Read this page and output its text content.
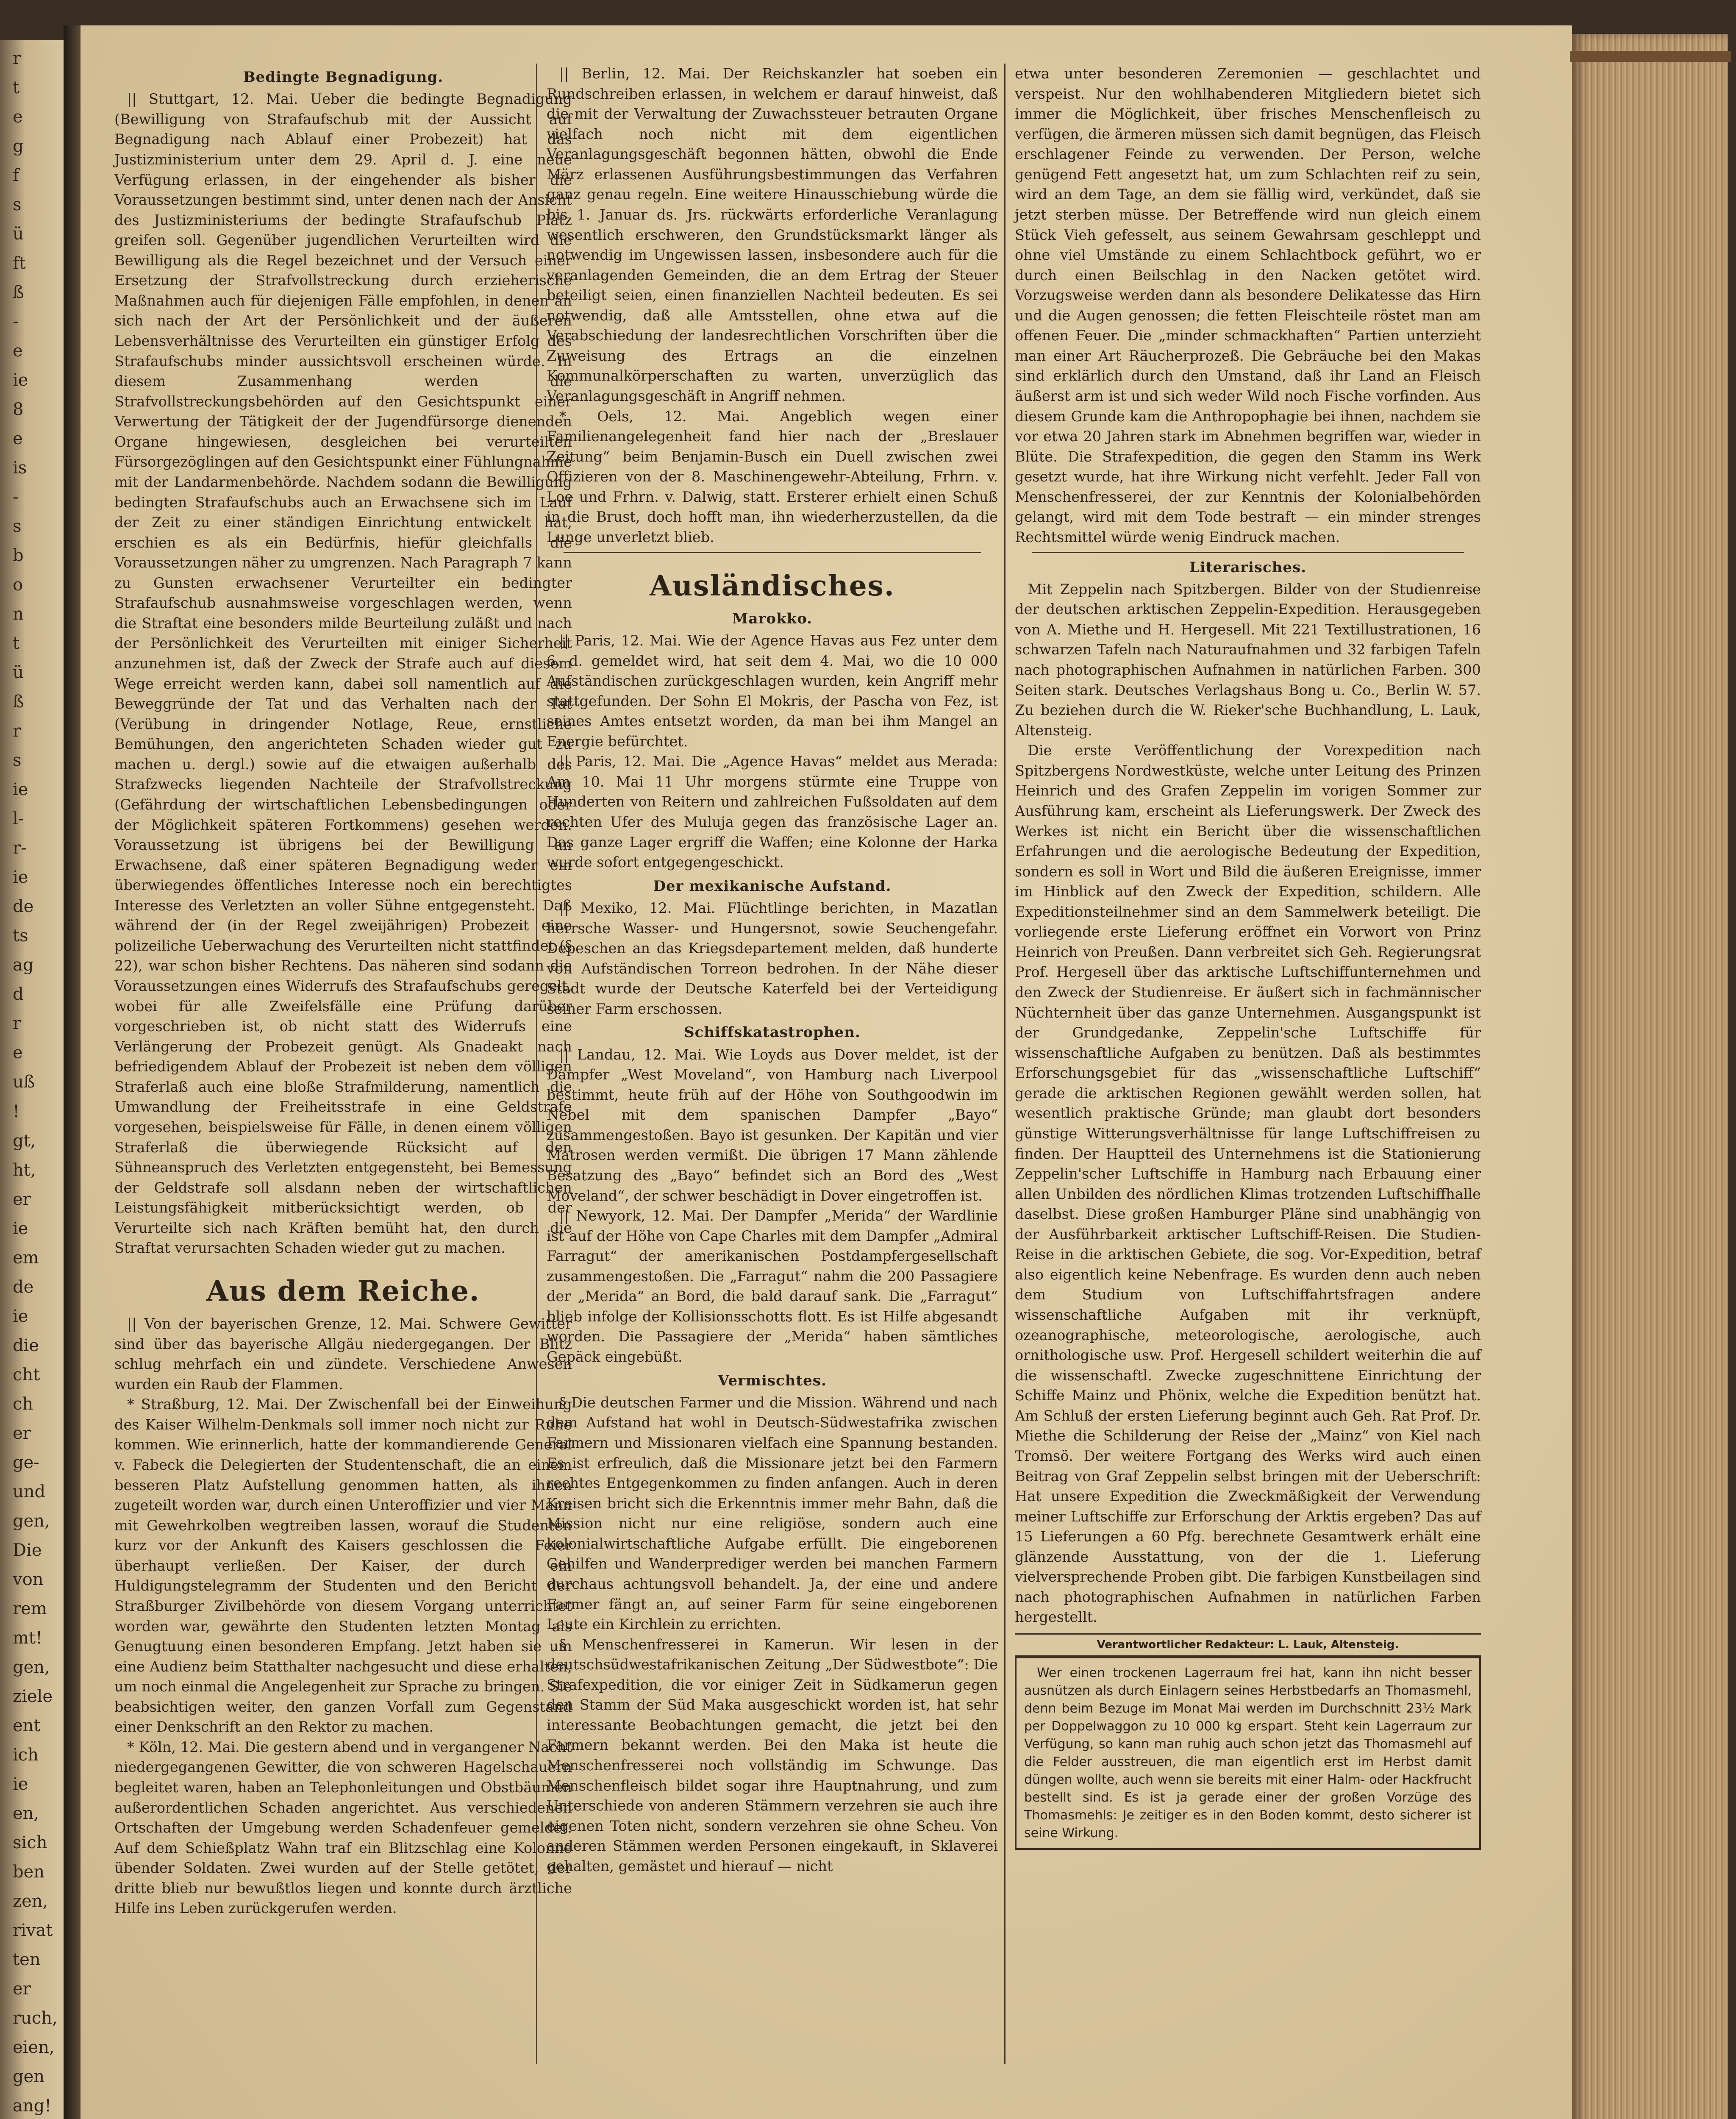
r
t
e
g
f
s
ü
ft
ß
-
e
ie
8
e
is
-
s
b
o
n
t
ü
ß
r
s
ie
l-
r-
ie
de
ts
ag
d
r
e
uß
!
gt,
ht,
er
ie
em
de
ie
die
cht
ch
er
ge-
und
gen,
Die
von
rem
mt!
gen,
ziele
ent
ich
ie
en,
sich
ben
zen,
rivat
ten
er
ruch,
eien,
gen
ang!
Bedingte Begnadigung.

|| Stuttgart, 12. Mai. Ueber die bedingte Begnadigung (Bewilligung von Strafaufschub mit der Aussicht auf Begnadigung nach Ablauf einer Probezeit) hat das Justizministerium unter dem 29. April d. J. eine neue Verfügung erlassen, in der eingehender als bisher die Voraussetzungen bestimmt sind, unter denen nach der Ansicht des Justizministeriums der bedingte Strafaufschub Platz greifen soll. Gegenüber jugendlichen Verurteilten wird die Bewilligung als die Regel bezeichnet und der Versuch einer Ersetzung der Strafvollstreckung durch erzieherische Maßnahmen auch für diejenigen Fälle empfohlen, in denen an sich nach der Art der Persönlichkeit und der äußeren Lebensverhältnisse des Verurteilten ein günstiger Erfolg des Strafaufschubs minder aussichtsvoll erscheinen würde. In diesem Zusammenhang werden die Strafvollstreckungsbehörden auf den Gesichtspunkt einer Verwertung der Tätigkeit der der Jugendfürsorge dienenden Organe hingewiesen, desgleichen bei verurteilten Fürsorgezöglingen auf den Gesichtspunkt einer Fühlungnahme mit der Landarmenbehörde. Nachdem sodann die Bewilligung bedingten Strafaufschubs auch an Erwachsene sich im Lauf der Zeit zu einer ständigen Einrichtung entwickelt hat, erschien es als ein Bedürfnis, hiefür gleichfalls die Voraussetzungen näher zu umgrenzen. Nach Paragraph 7 kann zu Gunsten erwachsener Verurteilter ein bedingter Strafaufschub ausnahmsweise vorgeschlagen werden, wenn die Straftat eine besonders milde Beurteilung zuläßt und nach der Persönlichkeit des Verurteilten mit einiger Sicherheit anzunehmen ist, daß der Zweck der Strafe auch auf diesem Wege erreicht werden kann, dabei soll namentlich auf die Beweggründe der Tat und das Verhalten nach der Tat (Verübung in dringender Notlage, Reue, ernstliche Bemühungen, den angerichteten Schaden wieder gut zu machen u. dergl.) sowie auf die etwaigen außerhalb des Strafzwecks liegenden Nachteile der Strafvollstreckung (Gefährdung der wirtschaftlichen Lebensbedingungen oder der Möglichkeit späteren Fortkommens) gesehen werden. Voraussetzung ist übrigens bei der Bewilligung an Erwachsene, daß einer späteren Begnadigung weder ein überwiegendes öffentliches Interesse noch ein berechtigtes Interesse des Verletzten an voller Sühne entgegensteht. Daß während der (in der Regel zweijährigen) Probezeit eine polizeiliche Ueberwachung des Verurteilten nicht stattfindet (§ 22), war schon bisher Rechtens. Das näheren sind sodann die Voraussetzungen eines Widerrufs des Strafaufschubs geregelt, wobei für alle Zweifelsfälle eine Prüfung darüber vorgeschrieben ist, ob nicht statt des Widerrufs eine Verlängerung der Probezeit genügt. Als Gnadeakt nach befriedigendem Ablauf der Probezeit ist neben dem völligen Straferlaß auch eine bloße Strafmilderung, namentlich die Umwandlung der Freiheitsstrafe in eine Geldstrafe vorgesehen, beispielsweise für Fälle, in denen einem völligen Straferlaß die überwiegende Rücksicht auf den Sühneanspruch des Verletzten entgegensteht, bei Bemessung der Geldstrafe soll alsdann neben der wirtschaftlichen Leistungsfähigkeit mitberücksichtigt werden, ob der Verurteilte sich nach Kräften bemüht hat, den durch die Straftat verursachten Schaden wieder gut zu machen.

Aus dem Reiche.

|| Von der bayerischen Grenze, 12. Mai. Schwere Gewitter sind über das bayerische Allgäu niedergegangen. Der Blitz schlug mehrfach ein und zündete. Verschiedene Anwesen wurden ein Raub der Flammen.

* Straßburg, 12. Mai. Der Zwischenfall bei der Einweihung des Kaiser Wilhelm-Denkmals soll immer noch nicht zur Ruhe kommen. Wie erinnerlich, hatte der kommandierende General v. Fabeck die Delegierten der Studentenschaft, die an einem besseren Platz Aufstellung genommen hatten, als ihnen zugeteilt worden war, durch einen Unteroffizier und vier Mann mit Gewehrkolben wegtreiben lassen, worauf die Studenten kurz vor der Ankunft des Kaisers geschlossen die Feier überhaupt verließen. Der Kaiser, der durch ein Huldigungstelegramm der Studenten und den Bericht der Straßburger Zivilbehörde von diesem Vorgang unterrichtet worden war, gewährte den Studenten letzten Montag als Genugtuung einen besonderen Empfang. Jetzt haben sie um eine Audienz beim Statthalter nachgesucht und diese erhalten, um noch einmal die Angelegenheit zur Sprache zu bringen. Sie beabsichtigen weiter, den ganzen Vorfall zum Gegenstand einer Denkschrift an den Rektor zu machen.

* Köln, 12. Mai. Die gestern abend und in vergangener Nacht niedergegangenen Gewitter, die von schweren Hagelschauern begleitet waren, haben an Telephonleitungen und Obstbäumen außerordentlichen Schaden angerichtet. Aus verschiedenen Ortschaften der Umgebung werden Schadenfeuer gemeldet. Auf dem Schießplatz Wahn traf ein Blitzschlag eine Kolonne übender Soldaten. Zwei wurden auf der Stelle getötet, der dritte blieb nur bewußtlos liegen und konnte durch ärztliche Hilfe ins Leben zurückgerufen werden.

|| Berlin, 12. Mai. Der Reichskanzler hat soeben ein Rundschreiben erlassen, in welchem er darauf hinweist, daß die mit der Verwaltung der Zuwachssteuer betrauten Organe vielfach noch nicht mit dem eigentlichen Veranlagungsgeschäft begonnen hätten, obwohl die Ende März erlassenen Ausführungsbestimmungen das Verfahren ganz genau regeln. Eine weitere Hinausschiebung würde die bis 1. Januar ds. Jrs. rückwärts erforderliche Veranlagung wesentlich erschweren, den Grundstücksmarkt länger als notwendig im Ungewissen lassen, insbesondere auch für die veranlagenden Gemeinden, die an dem Ertrag der Steuer beteiligt seien, einen finanziellen Nachteil bedeuten. Es sei notwendig, daß alle Amtsstellen, ohne etwa auf die Verabschiedung der landesrechtlichen Vorschriften über die Zuweisung des Ertrags an die einzelnen Kommunalkörperschaften zu warten, unverzüglich das Veranlagungsgeschäft in Angriff nehmen.

* Oels, 12. Mai. Angeblich wegen einer Familienangelegenheit fand hier nach der „Breslauer Zeitung“ beim Benjamin-Busch ein Duell zwischen zwei Offizieren von der 8. Maschinengewehr-Abteilung, Frhrn. v. Loe und Frhrn. v. Dalwig, statt. Ersterer erhielt einen Schuß in die Brust, doch hofft man, ihn wiederherzustellen, da die Lunge unverletzt blieb.

Ausländisches.
Marokko.

|| Paris, 12. Mai. Wie der Agence Havas aus Fez unter dem 6. d. gemeldet wird, hat seit dem 4. Mai, wo die 10 000 Aufständischen zurückgeschlagen wurden, kein Angriff mehr stattgefunden. Der Sohn El Mokris, der Pascha von Fez, ist seines Amtes entsetzt worden, da man bei ihm Mangel an Energie befürchtet.

|| Paris, 12. Mai. Die „Agence Havas“ meldet aus Merada: Am 10. Mai 11 Uhr morgens stürmte eine Truppe von Hunderten von Reitern und zahlreichen Fußsoldaten auf dem rechten Ufer des Muluja gegen das französische Lager an. Das ganze Lager ergriff die Waffen; eine Kolonne der Harka wurde sofort entgegengeschickt.

Der mexikanische Aufstand.

|| Mexiko, 12. Mai. Flüchtlinge berichten, in Mazatlan herrsche Wasser- und Hungersnot, sowie Seuchengefahr. Depeschen an das Kriegsdepartement melden, daß hunderte von Aufständischen Torreon bedrohen. In der Nähe dieser Stadt wurde der Deutsche Katerfeld bei der Verteidigung seiner Farm erschossen.

Schiffskatastrophen.

|| Landau, 12. Mai. Wie Loyds aus Dover meldet, ist der Dampfer „West Moveland“, von Hamburg nach Liverpool bestimmt, heute früh auf der Höhe von Southgoodwin im Nebel mit dem spanischen Dampfer „Bayo“ zusammengestoßen. Bayo ist gesunken. Der Kapitän und vier Matrosen werden vermißt. Die übrigen 17 Mann zählende Besatzung des „Bayo“ befindet sich an Bord des „West Moveland“, der schwer beschädigt in Dover eingetroffen ist.

|| Newyork, 12. Mai. Der Dampfer „Merida“ der Wardlinie ist auf der Höhe von Cape Charles mit dem Dampfer „Admiral Farragut“ der amerikanischen Postdampfergesellschaft zusammengestoßen. Die „Farragut“ nahm die 200 Passagiere der „Merida“ an Bord, die bald darauf sank. Die „Farragut“ blieb infolge der Kollisionsschotts flott. Es ist Hilfe abgesandt worden. Die Passagiere der „Merida“ haben sämtliches Gepäck eingebüßt.

Vermischtes.

§ Die deutschen Farmer und die Mission. Während und nach dem Aufstand hat wohl in Deutsch-Südwestafrika zwischen Farmern und Missionaren vielfach eine Spannung bestanden. Es ist erfreulich, daß die Missionare jetzt bei den Farmern rechtes Entgegenkommen zu finden anfangen. Auch in deren Kreisen bricht sich die Erkenntnis immer mehr Bahn, daß die Mission nicht nur eine religiöse, sondern auch eine kolonialwirtschaftliche Aufgabe erfüllt. Die eingeborenen Gehilfen und Wanderprediger werden bei manchen Farmern durchaus achtungsvoll behandelt. Ja, der eine und andere Farmer fängt an, auf seiner Farm für seine eingeborenen Leute ein Kirchlein zu errichten.

§ Menschenfresserei in Kamerun. Wir lesen in der deutschsüdwestafrikanischen Zeitung „Der Südwestbote“: Die Strafexpedition, die vor einiger Zeit in Südkamerun gegen den Stamm der Süd Maka ausgeschickt worden ist, hat sehr interessante Beobachtungen gemacht, die jetzt bei den Farmern bekannt werden. Bei den Maka ist heute die Menschenfresserei noch vollständig im Schwunge. Das Menschenfleisch bildet sogar ihre Hauptnahrung, und zum Unterschiede von anderen Stämmern verzehren sie auch ihre eigenen Toten nicht, sondern verzehren sie ohne Scheu. Von anderen Stämmen werden Personen eingekauft, in Sklaverei gehalten, gemästet und hierauf — nicht

etwa unter besonderen Zeremonien — geschlachtet und verspeist. Nur den wohlhabenderen Mitgliedern bietet sich immer die Möglichkeit, über frisches Menschenfleisch zu verfügen, die ärmeren müssen sich damit begnügen, das Fleisch erschlagener Feinde zu verwenden. Der Person, welche genügend Fett angesetzt hat, um zum Schlachten reif zu sein, wird an dem Tage, an dem sie fällig wird, verkündet, daß sie jetzt sterben müsse. Der Betreffende wird nun gleich einem Stück Vieh gefesselt, aus seinem Gewahrsam geschleppt und ohne viel Umstände zu einem Schlachtbock geführt, wo er durch einen Beilschlag in den Nacken getötet wird. Vorzugsweise werden dann als besondere Delikatesse das Hirn und die Augen genossen; die fetten Fleischteile röstet man am offenen Feuer. Die „minder schmackhaften“ Partien unterzieht man einer Art Räucherprozeß. Die Gebräuche bei den Makas sind erklärlich durch den Umstand, daß ihr Land an Fleisch äußerst arm ist und sich weder Wild noch Fische vorfinden. Aus diesem Grunde kam die Anthropophagie bei ihnen, nachdem sie vor etwa 20 Jahren stark im Abnehmen begriffen war, wieder in Blüte. Die Strafexpedition, die gegen den Stamm ins Werk gesetzt wurde, hat ihre Wirkung nicht verfehlt. Jeder Fall von Menschenfresserei, der zur Kenntnis der Kolonialbehörden gelangt, wird mit dem Tode bestraft — ein minder strenges Rechtsmittel würde wenig Eindruck machen.

Literarisches.

Mit Zeppelin nach Spitzbergen. Bilder von der Studienreise der deutschen arktischen Zeppelin-Expedition. Herausgegeben von A. Miethe und H. Hergesell. Mit 221 Textillustrationen, 16 schwarzen Tafeln nach Naturaufnahmen und 32 farbigen Tafeln nach photographischen Aufnahmen in natürlichen Farben. 300 Seiten stark. Deutsches Verlagshaus Bong u. Co., Berlin W. 57. Zu beziehen durch die W. Rieker'sche Buchhandlung, L. Lauk, Altensteig.

Die erste Veröffentlichung der Vorexpedition nach Spitzbergens Nordwestküste, welche unter Leitung des Prinzen Heinrich und des Grafen Zeppelin im vorigen Sommer zur Ausführung kam, erscheint als Lieferungswerk. Der Zweck des Werkes ist nicht ein Bericht über die wissenschaftlichen Erfahrungen und die aerologische Bedeutung der Expedition, sondern es soll in Wort und Bild die äußeren Ereignisse, immer im Hinblick auf den Zweck der Expedition, schildern. Alle Expeditionsteilnehmer sind an dem Sammelwerk beteiligt. Die vorliegende erste Lieferung eröffnet ein Vorwort von Prinz Heinrich von Preußen. Dann verbreitet sich Geh. Regierungsrat Prof. Hergesell über das arktische Luftschiffunternehmen und den Zweck der Studienreise. Er äußert sich in fachmännischer Nüchternheit über das ganze Unternehmen. Ausgangspunkt ist der Grundgedanke, Zeppelin'sche Luftschiffe für wissenschaftliche Aufgaben zu benützen. Daß als bestimmtes Erforschungsgebiet für das „wissenschaftliche Luftschiff“ gerade die arktischen Regionen gewählt werden sollen, hat wesentlich praktische Gründe; man glaubt dort besonders günstige Witterungsverhältnisse für lange Luftschiffreisen zu finden. Der Hauptteil des Unternehmens ist die Stationierung Zeppelin'scher Luftschiffe in Hamburg nach Erbauung einer allen Unbilden des nördlichen Klimas trotzenden Luftschiffhalle daselbst. Diese großen Hamburger Pläne sind unabhängig von der Ausführbarkeit arktischer Luftschiff-Reisen. Die Studien-Reise in die arktischen Gebiete, die sog. Vor-Expedition, betraf also eigentlich keine Nebenfrage. Es wurden denn auch neben dem Studium von Luftschiffahrtsfragen andere wissenschaftliche Aufgaben mit ihr verknüpft, ozeanographische, meteorologische, aerologische, auch ornithologische usw. Prof. Hergesell schildert weiterhin die auf die wissenschaftl. Zwecke zugeschnittene Einrichtung der Schiffe Mainz und Phönix, welche die Expedition benützt hat. Am Schluß der ersten Lieferung beginnt auch Geh. Rat Prof. Dr. Miethe die Schilderung der Reise der „Mainz“ von Kiel nach Tromsö. Der weitere Fortgang des Werks wird auch einen Beitrag von Graf Zeppelin selbst bringen mit der Ueberschrift: Hat unsere Expedition die Zweckmäßigkeit der Verwendung meiner Luftschiffe zur Erforschung der Arktis ergeben? Das auf 15 Lieferungen a 60 Pfg. berechnete Gesamtwerk erhält eine glänzende Ausstattung, von der die 1. Lieferung vielversprechende Proben gibt. Die farbigen Kunstbeilagen sind nach photographischen Aufnahmen in natürlichen Farben hergestellt.

Verantwortlicher Redakteur: L. Lauk, Altensteig.

Wer einen trockenen Lagerraum frei hat, kann ihn nicht besser ausnützen als durch Einlagern seines Herbstbedarfs an Thomasmehl, denn beim Bezuge im Monat Mai werden im Durchschnitt 23½ Mark per Doppelwaggon zu 10 000 kg erspart. Steht kein Lagerraum zur Verfügung, so kann man ruhig auch schon jetzt das Thomasmehl auf die Felder ausstreuen, die man eigentlich erst im Herbst damit düngen wollte, auch wenn sie bereits mit einer Halm- oder Hackfrucht bestellt sind. Es ist ja gerade einer der großen Vorzüge des Thomasmehls: Je zeitiger es in den Boden kommt, desto sicherer ist seine Wirkung.
